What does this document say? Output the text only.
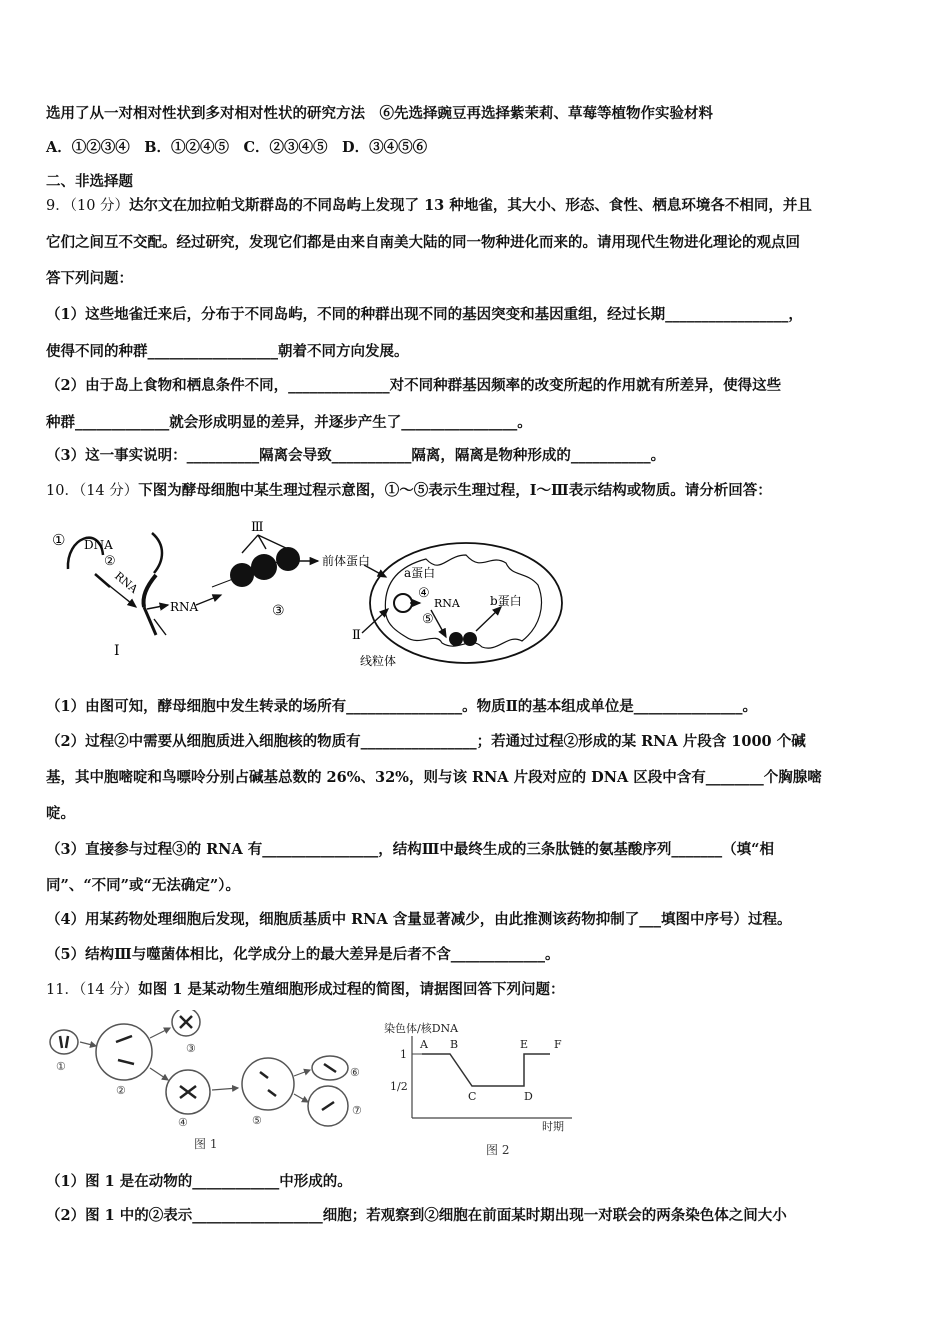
选用了从一对相对性状到多对相对性状的研究方法　⑥先选择豌豆再选择紫茉莉、草莓等植物作实验材料
A．①②③④　B．①②④⑤　C．②③④⑤　D．③④⑤⑥
二、非选择题
9．（10 分）达尔文在加拉帕戈斯群岛的不同岛屿上发现了 13 种地雀，其大小、形态、食性、栖息环境各不相同，并且
它们之间互不交配。经过研究，发现它们都是由来自南美大陆的同一物种进化而来的。请用现代生物进化理论的观点回
答下列问题：
（1）这些地雀迁来后，分布于不同岛屿，不同的种群出现不同的基因突变和基因重组，经过长期_________________，
使得不同的种群__________________朝着不同方向发展。
（2）由于岛上食物和栖息条件不同，______________对不同种群基因频率的改变所起的作用就有所差异，使得这些
种群_____________就会形成明显的差异，并逐步产生了________________。
（3）这一事实说明：__________隔离会导致___________隔离，隔离是物种形成的___________。
10．（14 分）下图为酵母细胞中某生理过程示意图，①～⑤表示生理过程，Ⅰ～Ⅲ表示结构或物质。请分析回答：
① DNA
②
RNA
RNA
Ⅰ
Ⅲ
③
前体蛋白
a蛋白
④
RNA	b蛋白
⑤
Ⅱ
线粒体
（1）由图可知，酵母细胞中发生转录的场所有________________。物质Ⅱ的基本组成单位是_______________。
（2）过程②中需要从细胞质进入细胞核的物质有________________；若通过过程②形成的某 RNA 片段含 1000 个碱
基，其中胞嘧啶和鸟嘌呤分别占碱基总数的 26%、32%，则与该 RNA 片段对应的 DNA 区段中含有________个胸腺嘧
啶。
（3）直接参与过程③的 RNA 有________________，结构Ⅲ中最终生成的三条肽链的氨基酸序列_______（填“相
同”、“不同”或“无法确定”）。
（4）用某药物处理细胞后发现，细胞质基质中 RNA 含量显著减少，由此推测该药物抑制了___填图中序号）过程。
（5）结构Ⅲ与噬菌体相比，化学成分上的最大差异是后者不含_____________。
11．（14 分）如图 1 是某动物生殖细胞形成过程的简图，请据图回答下列问题：
①
②
③
④	⑤
⑥
⑦
图 1
染色体/核DNA
时期
1
1/2
A B
C	D
E F
图 2
（1）图 1 是在动物的____________中形成的。
（2）图 1 中的②表示__________________细胞；若观察到②细胞在前面某时期出现一对联会的两条染色体之间大小
